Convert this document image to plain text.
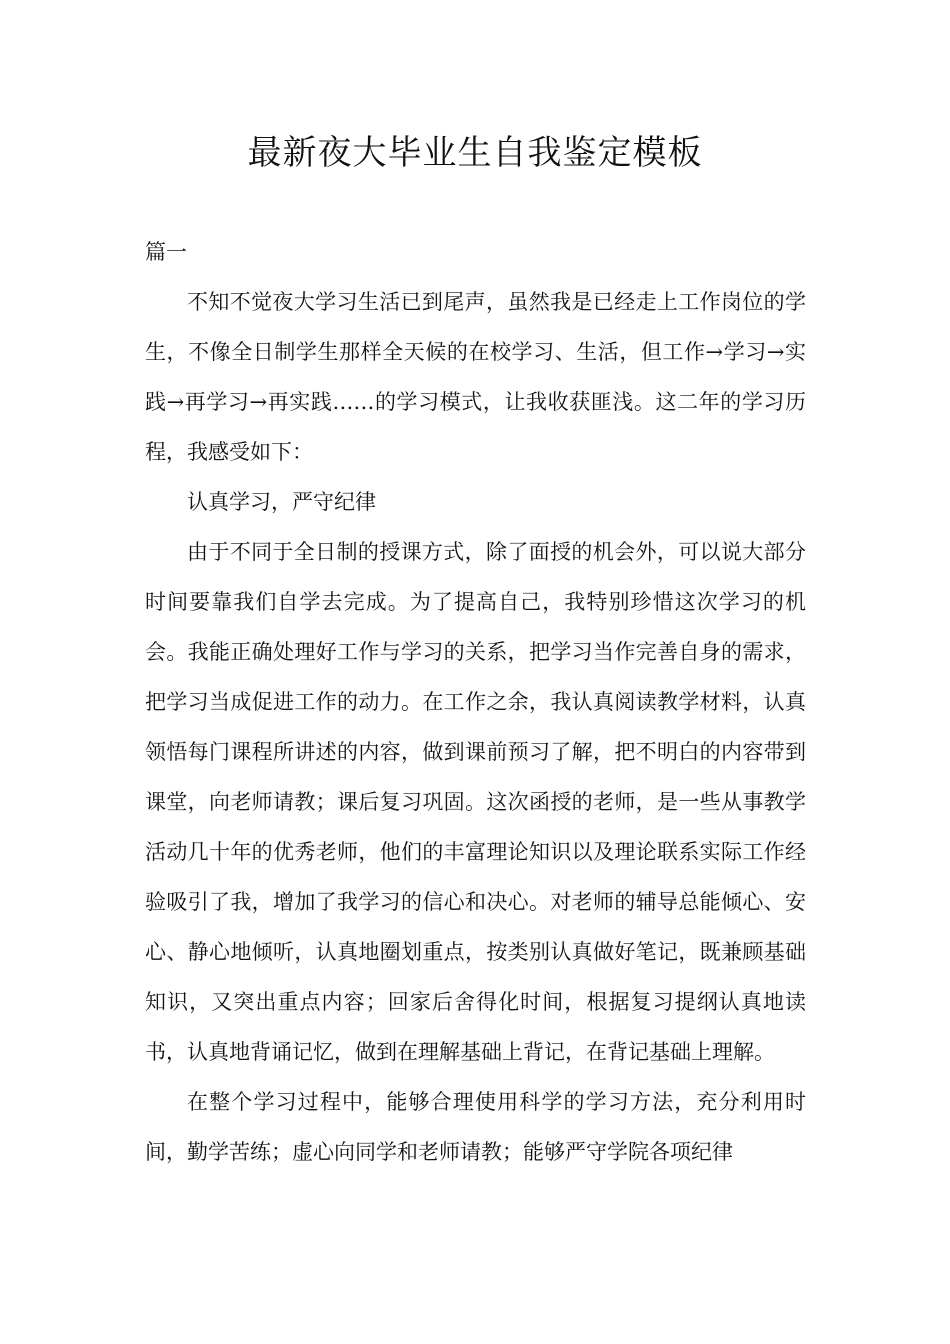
最新夜大毕业生自我鉴定模板

篇一

不知不觉夜大学习生活已到尾声，虽然我是已经走上工作岗位的学生，不像全日制学生那样全天候的在校学习、生活，但工作→学习→实践→再学习→再实践……的学习模式，让我收获匪浅。这二年的学习历程，我感受如下：

认真学习，严守纪律

由于不同于全日制的授课方式，除了面授的机会外，可以说大部分时间要靠我们自学去完成。为了提高自己，我特别珍惜这次学习的机会。我能正确处理好工作与学习的关系，把学习当作完善自身的需求，把学习当成促进工作的动力。在工作之余，我认真阅读教学材料，认真领悟每门课程所讲述的内容，做到课前预习了解，把不明白的内容带到课堂，向老师请教；课后复习巩固。这次函授的老师，是一些从事教学活动几十年的优秀老师，他们的丰富理论知识以及理论联系实际工作经验吸引了我，增加了我学习的信心和决心。对老师的辅导总能倾心、安心、静心地倾听，认真地圈划重点，按类别认真做好笔记，既兼顾基础知识，又突出重点内容；回家后舍得化时间，根据复习提纲认真地读书，认真地背诵记忆，做到在理解基础上背记，在背记基础上理解。

在整个学习过程中，能够合理使用科学的学习方法，充分利用时间，勤学苦练；虚心向同学和老师请教；能够严守学院各项纪律
